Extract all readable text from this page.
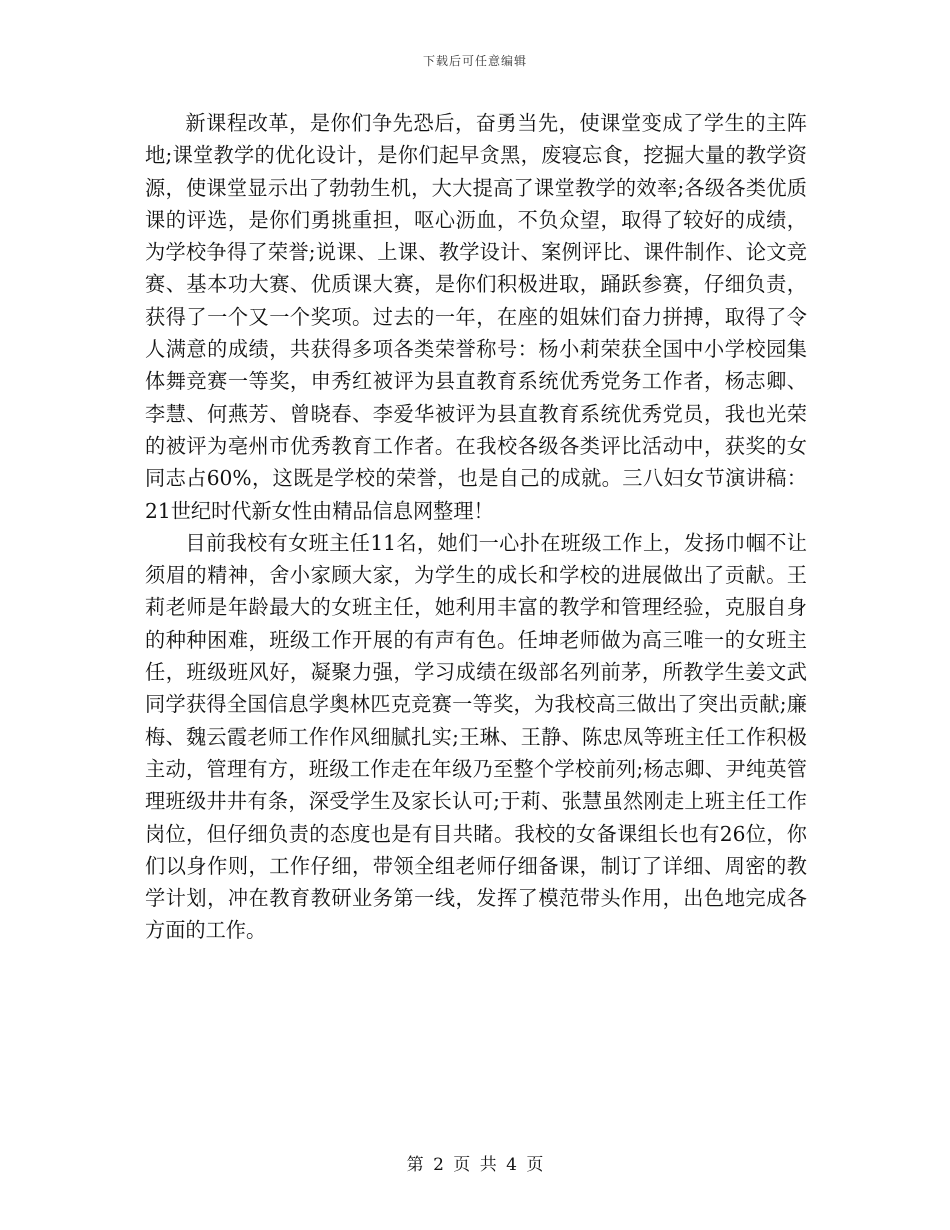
下载后可任意编辑

新课程改革，是你们争先恐后，奋勇当先，使课堂变成了学生的主阵地;课堂教学的优化设计，是你们起早贪黑，废寝忘食，挖掘大量的教学资源，使课堂显示出了勃勃生机，大大提高了课堂教学的效率;各级各类优质课的评选，是你们勇挑重担，呕心沥血，不负众望，取得了较好的成绩，为学校争得了荣誉;说课、上课、教学设计、案例评比、课件制作、论文竞赛、基本功大赛、优质课大赛，是你们积极进取，踊跃参赛，仔细负责，获得了一个又一个奖项。过去的一年，在座的姐妹们奋力拼搏，取得了令人满意的成绩，共获得多项各类荣誉称号：杨小莉荣获全国中小学校园集体舞竞赛一等奖，申秀红被评为县直教育系统优秀党务工作者，杨志卿、李慧、何燕芳、曾晓春、李爱华被评为县直教育系统优秀党员，我也光荣的被评为亳州市优秀教育工作者。在我校各级各类评比活动中，获奖的女同志占60%，这既是学校的荣誉，也是自己的成就。三八妇女节演讲稿：21世纪时代新女性由精品信息网整理！

目前我校有女班主任11名，她们一心扑在班级工作上，发扬巾帼不让须眉的精神，舍小家顾大家，为学生的成长和学校的进展做出了贡献。王莉老师是年龄最大的女班主任，她利用丰富的教学和管理经验，克服自身的种种困难，班级工作开展的有声有色。任坤老师做为高三唯一的女班主任，班级班风好，凝聚力强，学习成绩在级部名列前茅，所教学生姜文武同学获得全国信息学奥林匹克竞赛一等奖，为我校高三做出了突出贡献;廉梅、魏云霞老师工作作风细腻扎实;王琳、王静、陈忠凤等班主任工作积极主动，管理有方，班级工作走在年级乃至整个学校前列;杨志卿、尹纯英管理班级井井有条，深受学生及家长认可;于莉、张慧虽然刚走上班主任工作岗位，但仔细负责的态度也是有目共睹。我校的女备课组长也有26位，你们以身作则，工作仔细，带领全组老师仔细备课，制订了详细、周密的教学计划，冲在教育教研业务第一线，发挥了模范带头作用，出色地完成各方面的工作。

第 2 页 共 4 页
